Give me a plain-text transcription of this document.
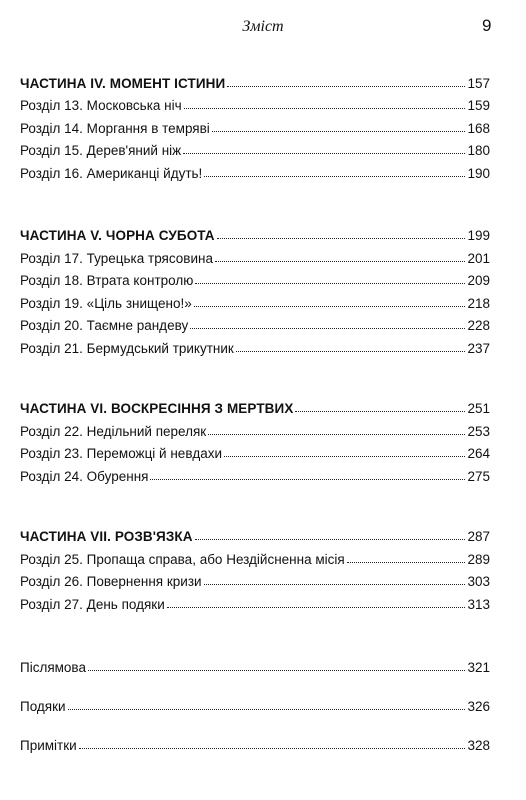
Зміст	9
ЧАСТИНА IV. МОМЕНТ ІСТИНИ	157
Розділ 13. Московська ніч	159
Розділ 14. Моргання в темряві	168
Розділ 15. Дерев'яний ніж	180
Розділ 16. Американці йдуть!	190
ЧАСТИНА V. ЧОРНА СУБОТА	199
Розділ 17. Турецька трясовина	201
Розділ 18. Втрата контролю	209
Розділ 19. «Ціль знищено!»	218
Розділ 20. Таємне рандеву	228
Розділ 21. Бермудський трикутник	237
ЧАСТИНА VI. ВОСКРЕСІННЯ З МЕРТВИХ	251
Розділ 22. Недільний переляк	253
Розділ 23. Переможці й невдахи	264
Розділ 24. Обурення	275
ЧАСТИНА VII. РОЗВ'ЯЗКА	287
Розділ 25. Пропаща справа, або Нездійсненна місія	289
Розділ 26. Повернення кризи	303
Розділ 27. День подяки	313
Післямова	321
Подяки	326
Примітки	328
